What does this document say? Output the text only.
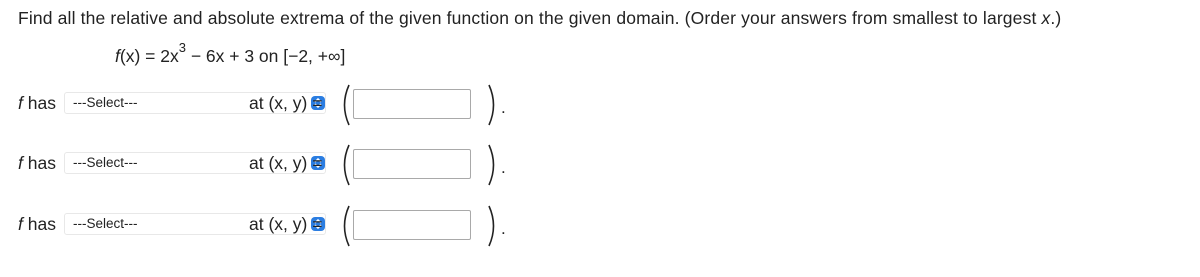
Find all the relative and absolute extrema of the given function on the given domain. (Order your answers from smallest to largest x.)
$f(x) = 2x^3 - 6x + 3$ on [−2, +∞]
f has ---Select---	at (x, y) =	.
f has ---Select---	at (x, y) =	.
f has ---Select---	at (x, y) =	.
